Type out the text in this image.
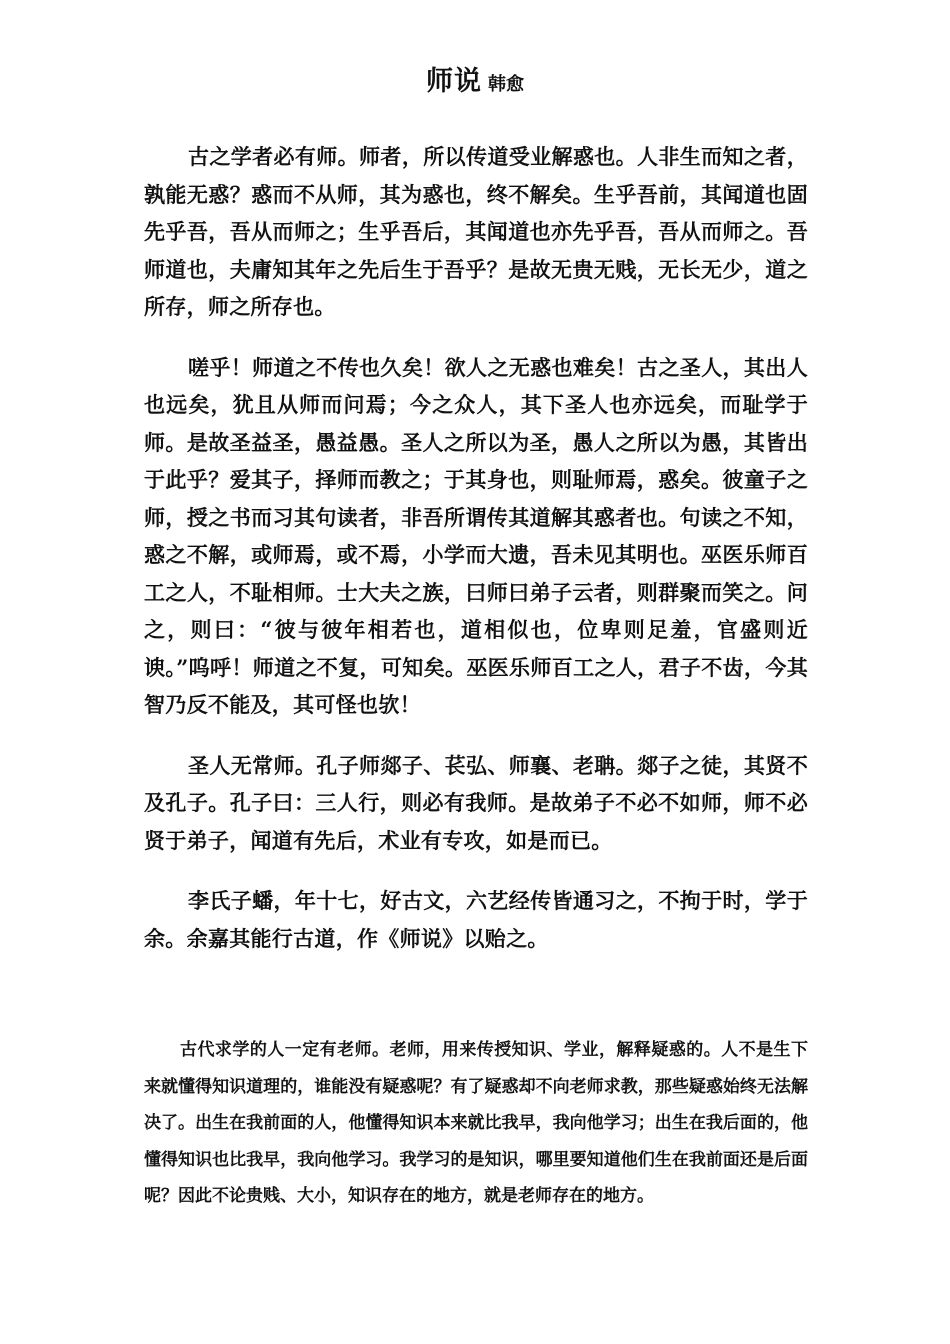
师说 韩愈

古之学者必有师。师者，所以传道受业解惑也。人非生而知之者，孰能无惑？惑而不从师，其为惑也，终不解矣。生乎吾前，其闻道也固先乎吾，吾从而师之；生乎吾后，其闻道也亦先乎吾，吾从而师之。吾师道也，夫庸知其年之先后生于吾乎？是故无贵无贱，无长无少，道之所存，师之所存也。

嗟乎！师道之不传也久矣！欲人之无惑也难矣！古之圣人，其出人也远矣，犹且从师而问焉；今之众人，其下圣人也亦远矣，而耻学于师。是故圣益圣，愚益愚。圣人之所以为圣，愚人之所以为愚，其皆出于此乎？爱其子，择师而教之；于其身也，则耻师焉，惑矣。彼童子之师，授之书而习其句读者，非吾所谓传其道解其惑者也。句读之不知，惑之不解，或师焉，或不焉，小学而大遗，吾未见其明也。巫医乐师百工之人，不耻相师。士大夫之族，曰师曰弟子云者，则群聚而笑之。问之，则曰：“彼与彼年相若也，道相似也，位卑则足羞，官盛则近谀。”呜呼！师道之不复，可知矣。巫医乐师百工之人，君子不齿，今其智乃反不能及，其可怪也欤！

圣人无常师。孔子师郯子、苌弘、师襄、老聃。郯子之徒，其贤不及孔子。孔子曰：三人行，则必有我师。是故弟子不必不如师，师不必贤于弟子，闻道有先后，术业有专攻，如是而已。

李氏子蟠，年十七，好古文，六艺经传皆通习之，不拘于时，学于余。余嘉其能行古道，作《师说》以贻之。

古代求学的人一定有老师。老师，用来传授知识、学业，解释疑惑的。人不是生下来就懂得知识道理的，谁能没有疑惑呢？有了疑惑却不向老师求教，那些疑惑始终无法解决了。出生在我前面的人，他懂得知识本来就比我早，我向他学习；出生在我后面的，他懂得知识也比我早，我向他学习。我学习的是知识，哪里要知道他们生在我前面还是后面呢？因此不论贵贱、大小，知识存在的地方，就是老师存在的地方。
